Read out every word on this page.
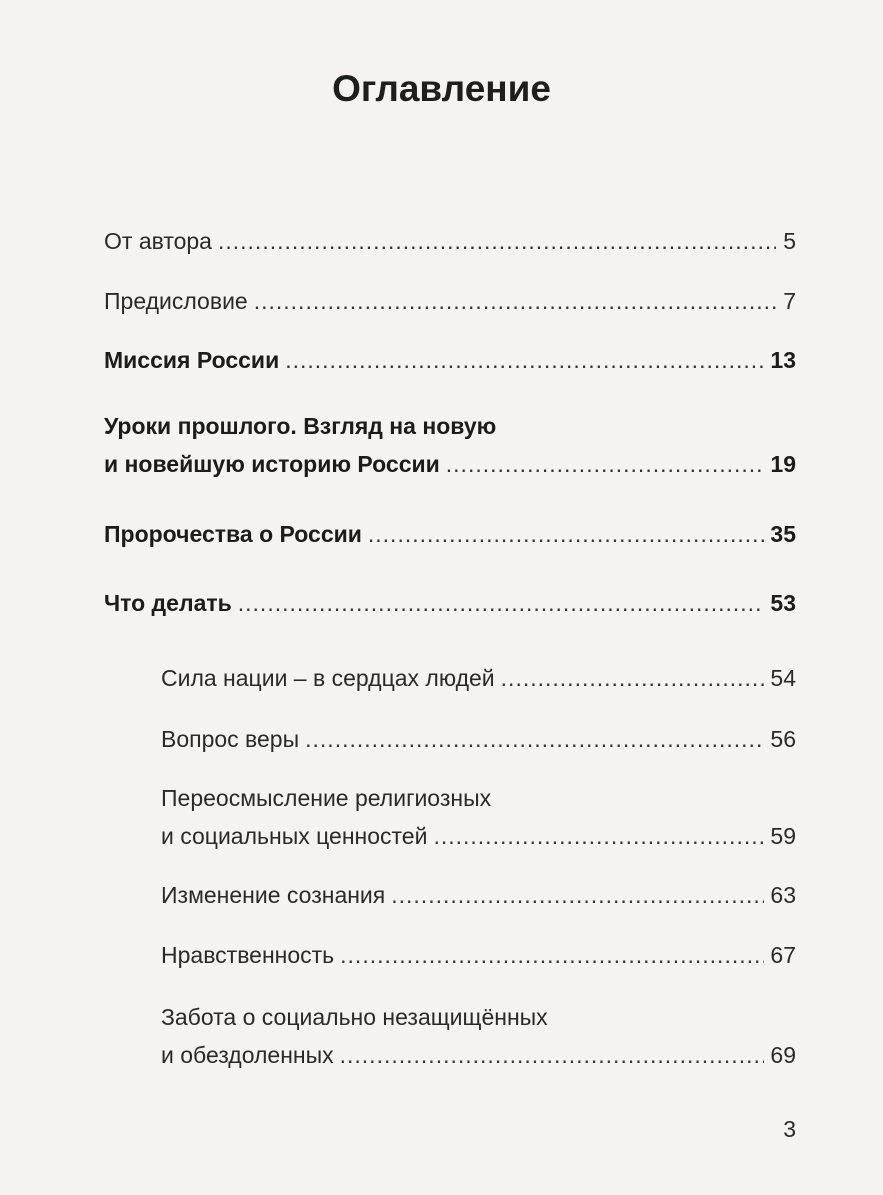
Оглавление
От автора .....	5
Предисловие .....	7
Миссия России .....	13
Уроки прошлого. Взгляд на новую
и новейшую историю России .....	19
Пророчества о России .....	35
Что делать .....	53
Сила нации – в сердцах людей .....	54
Вопрос веры .....	56
Переосмысление религиозных
и социальных ценностей .....	59
Изменение сознания .....	63
Нравственность .....	67
Забота о социально незащищённых
и обездоленных .....	69
3
